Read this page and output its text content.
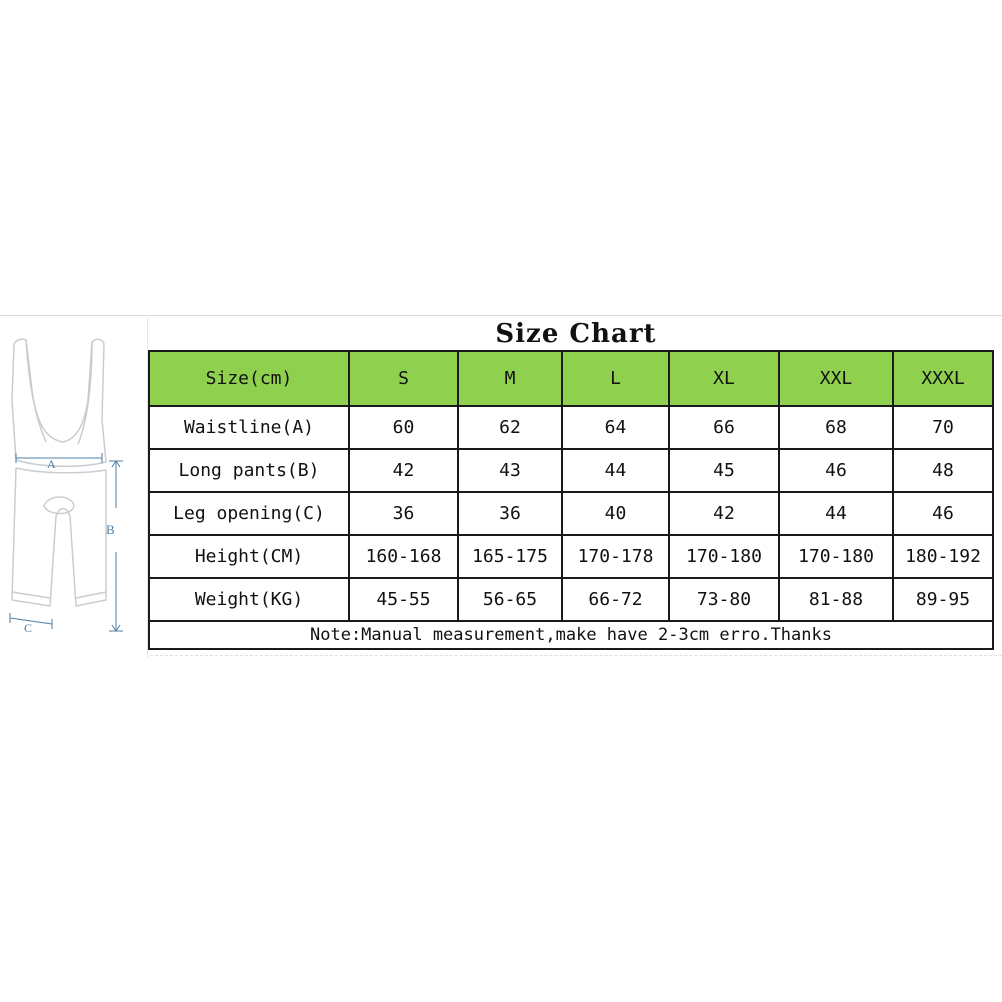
A
B
C
Size Chart
Size(cm)	S	M	L	XL	XXL	XXXL
Waistline(A)	60	62	64	66	68	70
Long pants(B)	42	43	44	45	46	48
Leg opening(C)	36	36	40	42	44	46
Height(CM)	160-168	165-175	170-178	170-180	170-180	180-192
Weight(KG)	45-55	56-65	66-72	73-80	81-88	89-95
Note:Manual measurement,make have 2-3cm erro.Thanks						
